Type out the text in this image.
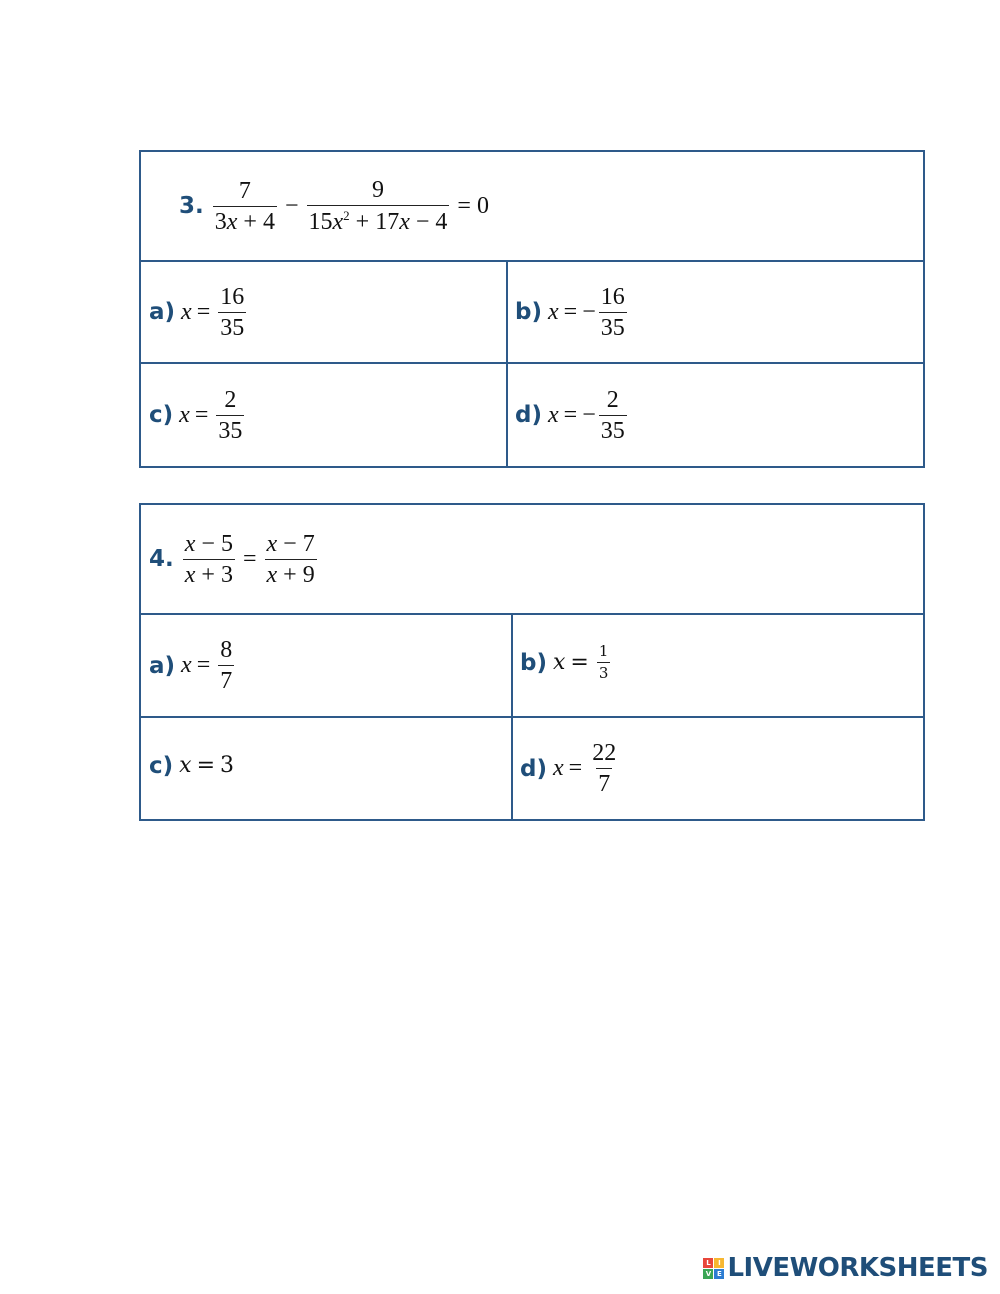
3. $\frac{7}{3x + 4} - \frac{9}{15x^2 + 17x - 4} = 0$
a) $x = \frac{16}{35}$	b) x = − $\frac{16}{35}$
c) $x = \frac{2}{35}$	d) x = − $\frac{2}{35}$
4. $\frac{x - 5}{x + 3} = \frac{x - 7}{x + 9}$
a) $x = \frac{8}{7}$	b) $x = \frac{1}{3}$
c) x = 3	d) $x = \frac{22}{7}$
L	I
V E LIVEWORKSHEETS
